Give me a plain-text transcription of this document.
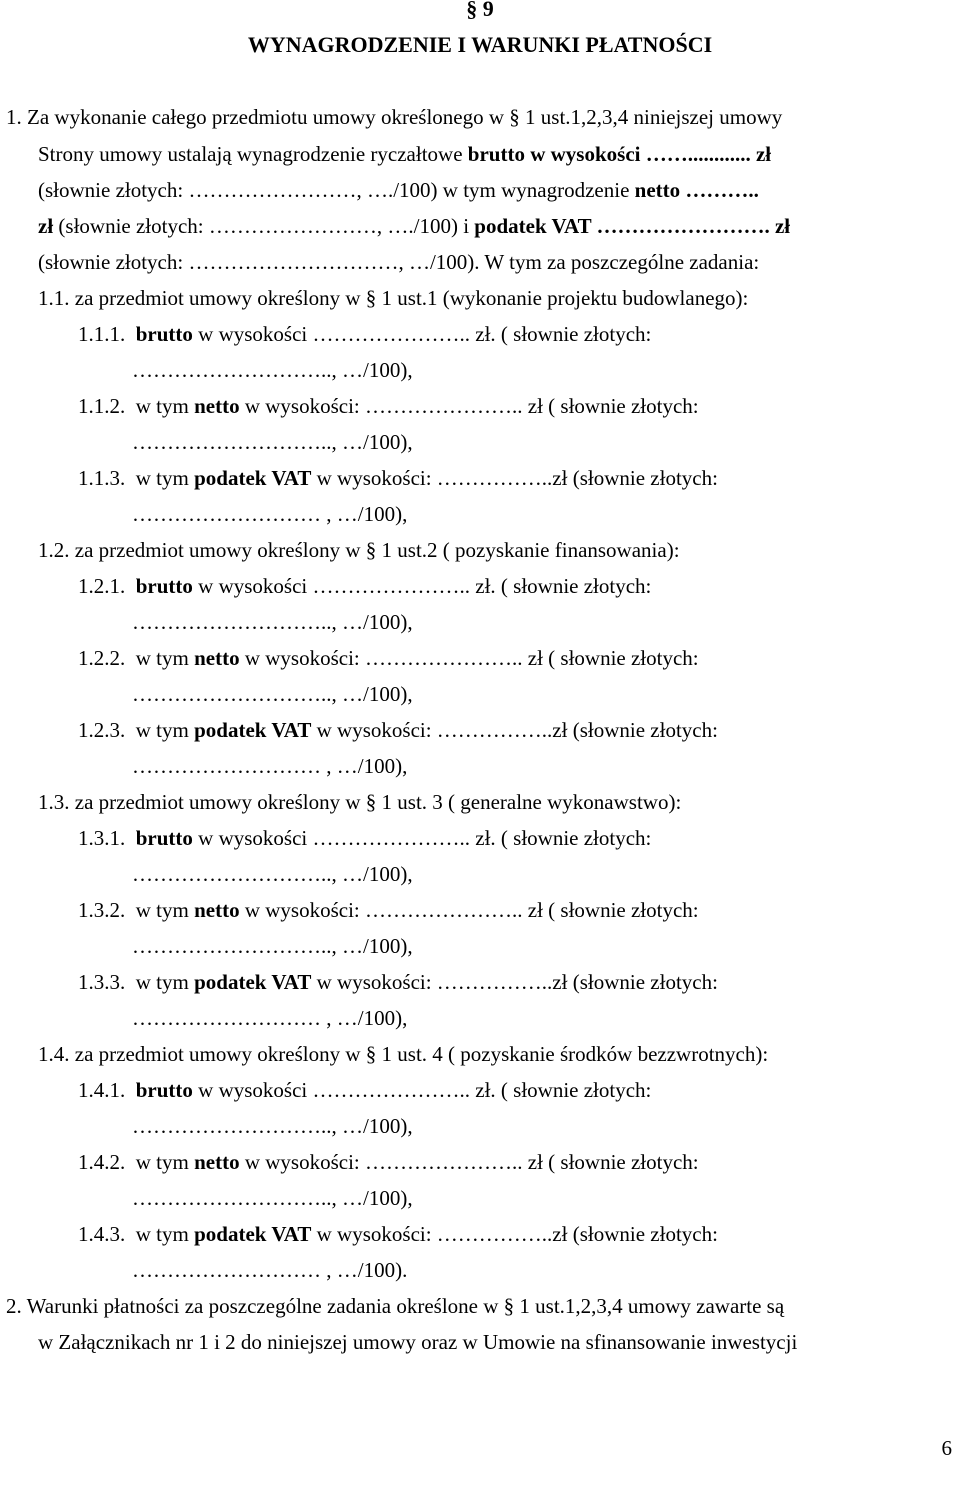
§ 9
WYNAGRODZENIE I WARUNKI PŁATNOŚCI
1. Za wykonanie całego przedmiotu umowy określonego w § 1 ust.1,2,3,4 niniejszej umowy
Strony umowy ustalają wynagrodzenie ryczałtowe brutto w wysokości ……............ zł
(słownie złotych: ……………………, …./100) w tym wynagrodzenie netto ………..
zł (słownie złotych: ……………………, …./100) i podatek VAT ……………………. zł
(słownie złotych: …………………………, …/100). W tym za poszczególne zadania:
1.1. za przedmiot umowy określony w § 1 ust.1 (wykonanie projektu budowlanego):
1.1.1. brutto w wysokości ………………….. zł. ( słownie złotych:
……………………….., …/100),
1.1.2. w tym netto w wysokości: ………………….. zł ( słownie złotych:
……………………….., …/100),
1.1.3. w tym podatek VAT w wysokości: ……………..zł (słownie złotych:
……………………… , …/100),
1.2. za przedmiot umowy określony w § 1 ust.2 ( pozyskanie finansowania):
1.2.1. brutto w wysokości ………………….. zł. ( słownie złotych:
……………………….., …/100),
1.2.2. w tym netto w wysokości: ………………….. zł ( słownie złotych:
……………………….., …/100),
1.2.3. w tym podatek VAT w wysokości: ……………..zł (słownie złotych:
……………………… , …/100),
1.3. za przedmiot umowy określony w § 1 ust. 3 ( generalne wykonawstwo):
1.3.1. brutto w wysokości ………………….. zł. ( słownie złotych:
……………………….., …/100),
1.3.2. w tym netto w wysokości: ………………….. zł ( słownie złotych:
……………………….., …/100),
1.3.3. w tym podatek VAT w wysokości: ……………..zł (słownie złotych:
……………………… , …/100),
1.4. za przedmiot umowy określony w § 1 ust. 4 ( pozyskanie środków bezzwrotnych):
1.4.1. brutto w wysokości ………………….. zł. ( słownie złotych:
……………………….., …/100),
1.4.2. w tym netto w wysokości: ………………….. zł ( słownie złotych:
……………………….., …/100),
1.4.3. w tym podatek VAT w wysokości: ……………..zł (słownie złotych:
……………………… , …/100).
2. Warunki płatności za poszczególne zadania określone w § 1 ust.1,2,3,4 umowy zawarte są
w Załącznikach nr 1 i 2 do niniejszej umowy oraz w Umowie na sfinansowanie inwestycji
6
